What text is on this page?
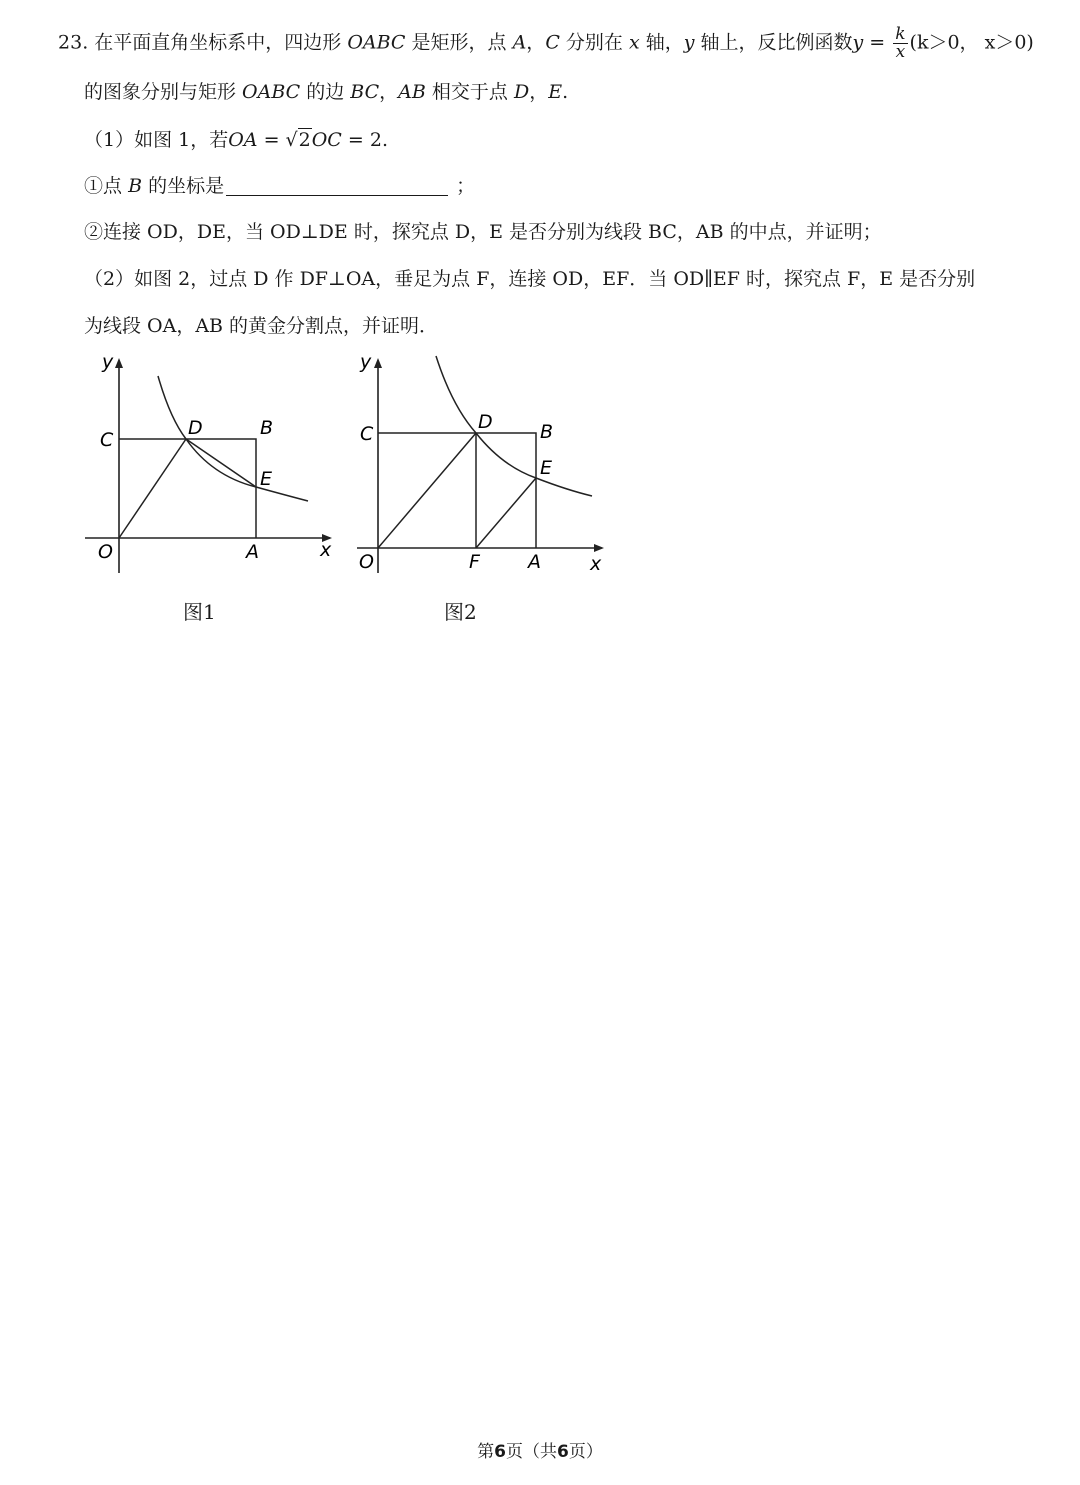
23. 在平面直角坐标系中，四边形 OABC 是矩形，点 A，C 分别在 x 轴，y 轴上，反比例函数$y = \frac{k}{x} (k>0$， x＞0)
的图象分别与矩形 OABC 的边 BC，AB 相交于点 D，E.
（1）如图 1，若OA = √2OC = 2.
①点 B 的坐标是	；
②连接 OD，DE，当 OD⊥DE 时，探究点 D，E 是否分别为线段 BC，AB 的中点，并证明；
（2）如图 2，过点 D 作 DF⊥OA，垂足为点 F，连接 OD，EF．当 OD∥EF 时，探究点 F，E 是否分别
为线段 OA，AB 的黄金分割点，并证明．
y
x
O
C
D	B
E
A
图1
y
x
O
C
D B
E
F	A
图2
第6页（共6页）
